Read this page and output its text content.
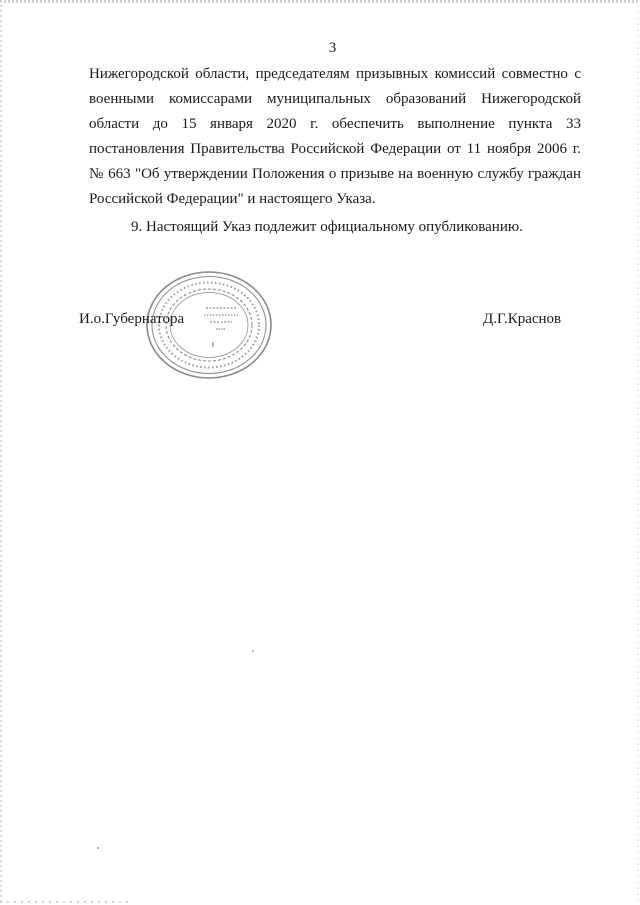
3

Нижегородской области, председателям призывных комиссий совместно с военными комиссарами муниципальных образований Нижегородской области до 15 января 2020 г. обеспечить выполнение пункта 33 постановления Правительства Российской Федерации от 11 ноября 2006 г. № 663 "Об утверждении Положения о призыве на военную службу граждан Российской Федерации" и настоящего Указа.

9. Настоящий Указ подлежит официальному опубликованию.

И.о.Губернатора	Д.Г.Краснов
